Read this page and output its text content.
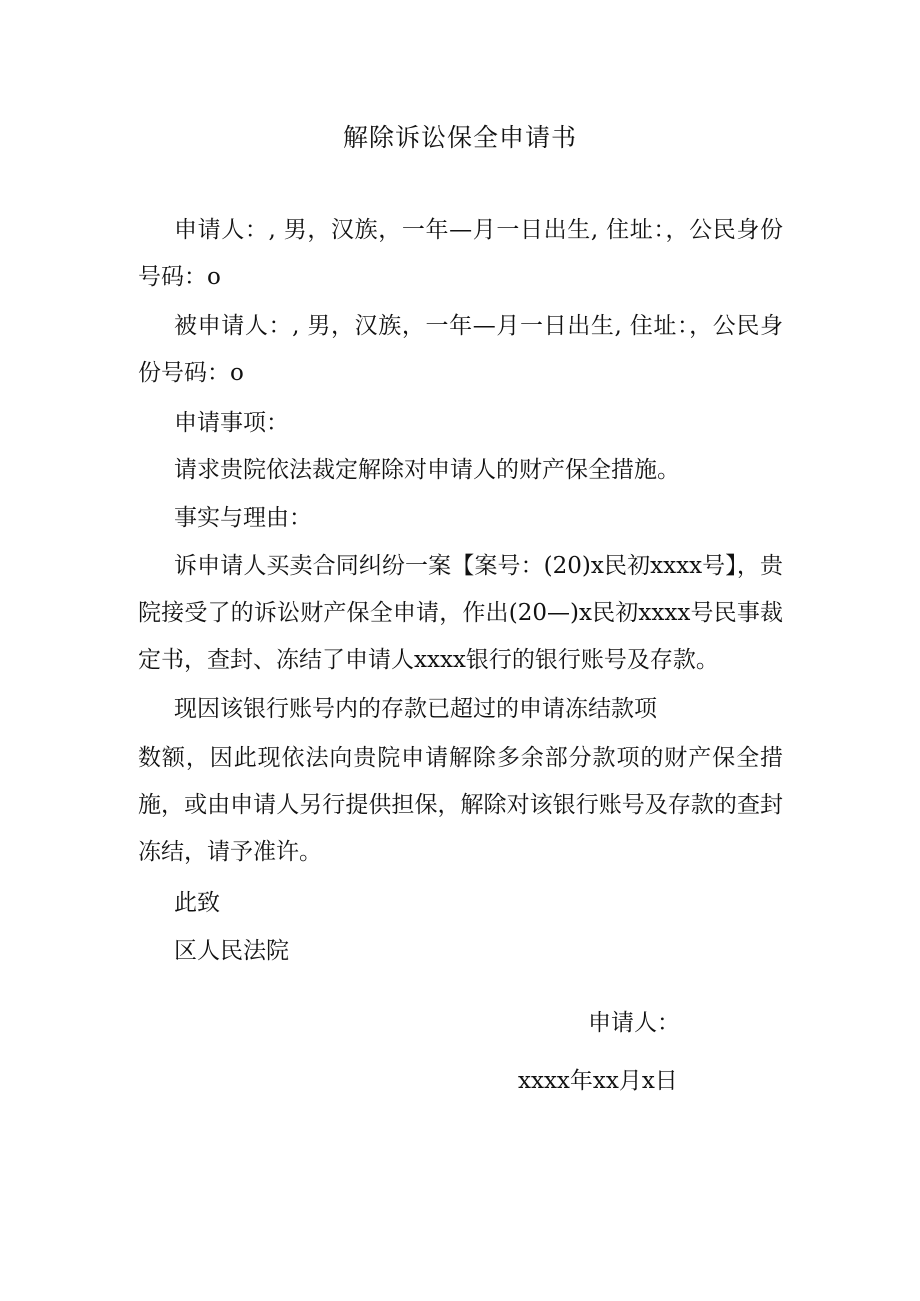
解除诉讼保全申请书

申请人：, 男，汉族，一年—月一日出生, 住址：，公民身份号码：o

被申请人：, 男，汉族，一年—月一日出生, 住址：，公民身份号码：o

申请事项：

请求贵院依法裁定解除对申请人的财产保全措施。

事实与理由：

诉申请人买卖合同纠纷一案【案号：(20)x民初xxxx号】，贵院接受了的诉讼财产保全申请，作出(20—)x民初xxxx号民事裁定书，查封、冻结了申请人xxxx银行的银行账号及存款。

现因该银行账号内的存款已超过的申请冻结款项

数额，因此现依法向贵院申请解除多余部分款项的财产保全措施，或由申请人另行提供担保，解除对该银行账号及存款的查封冻结，请予准许。

此致

区人民法院

申请人：

xxxx年xx月x日
